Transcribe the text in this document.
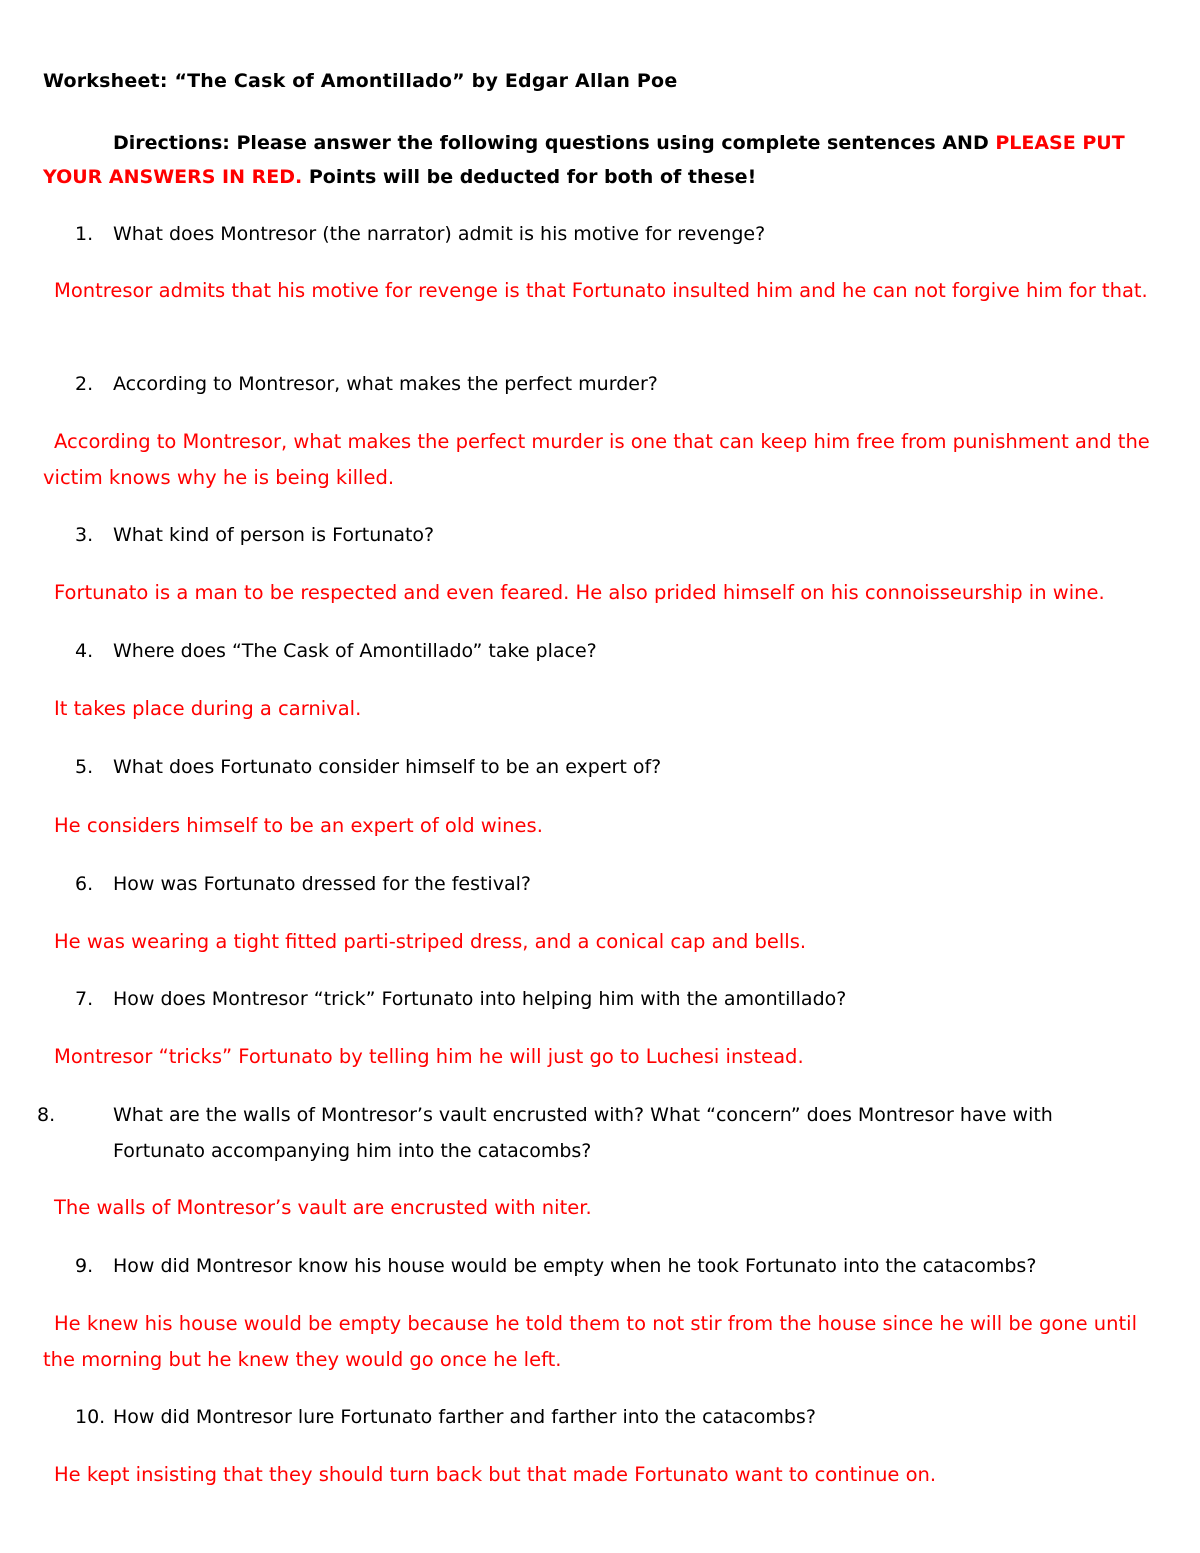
Worksheet: “The Cask of Amontillado” by Edgar Allan Poe
Directions: Please answer the following questions using complete sentences AND PLEASE PUT YOUR ANSWERS IN RED. Points will be deducted for both of these!
1. What does Montresor (the narrator) admit is his motive for revenge?
Montresor admits that his motive for revenge is that Fortunato insulted him and he can not forgive him for that.
2. According to Montresor, what makes the perfect murder?
According to Montresor, what makes the perfect murder is one that can keep him free from punishment and the victim knows why he is being killed.
3. What kind of person is Fortunato?
Fortunato is a man to be respected and even feared. He also prided himself on his connoisseurship in wine.
4. Where does “The Cask of Amontillado” take place?
It takes place during a carnival.
5. What does Fortunato consider himself to be an expert of?
He considers himself to be an expert of old wines.
6. How was Fortunato dressed for the festival?
He was wearing a tight fitted parti-striped dress, and a conical cap and bells.
7. How does Montresor “trick” Fortunato into helping him with the amontillado?
Montresor “tricks” Fortunato by telling him he will just go to Luchesi instead.
8.	What are the walls of Montresor’s vault encrusted with? What “concern” does Montresor have with Fortunato accompanying him into the catacombs?
The walls of Montresor’s vault are encrusted with niter.
9. How did Montresor know his house would be empty when he took Fortunato into the catacombs?
He knew his house would be empty because he told them to not stir from the house since he will be gone until the morning but he knew they would go once he left.
10. How did Montresor lure Fortunato farther and farther into the catacombs?
He kept insisting that they should turn back but that made Fortunato want to continue on.
